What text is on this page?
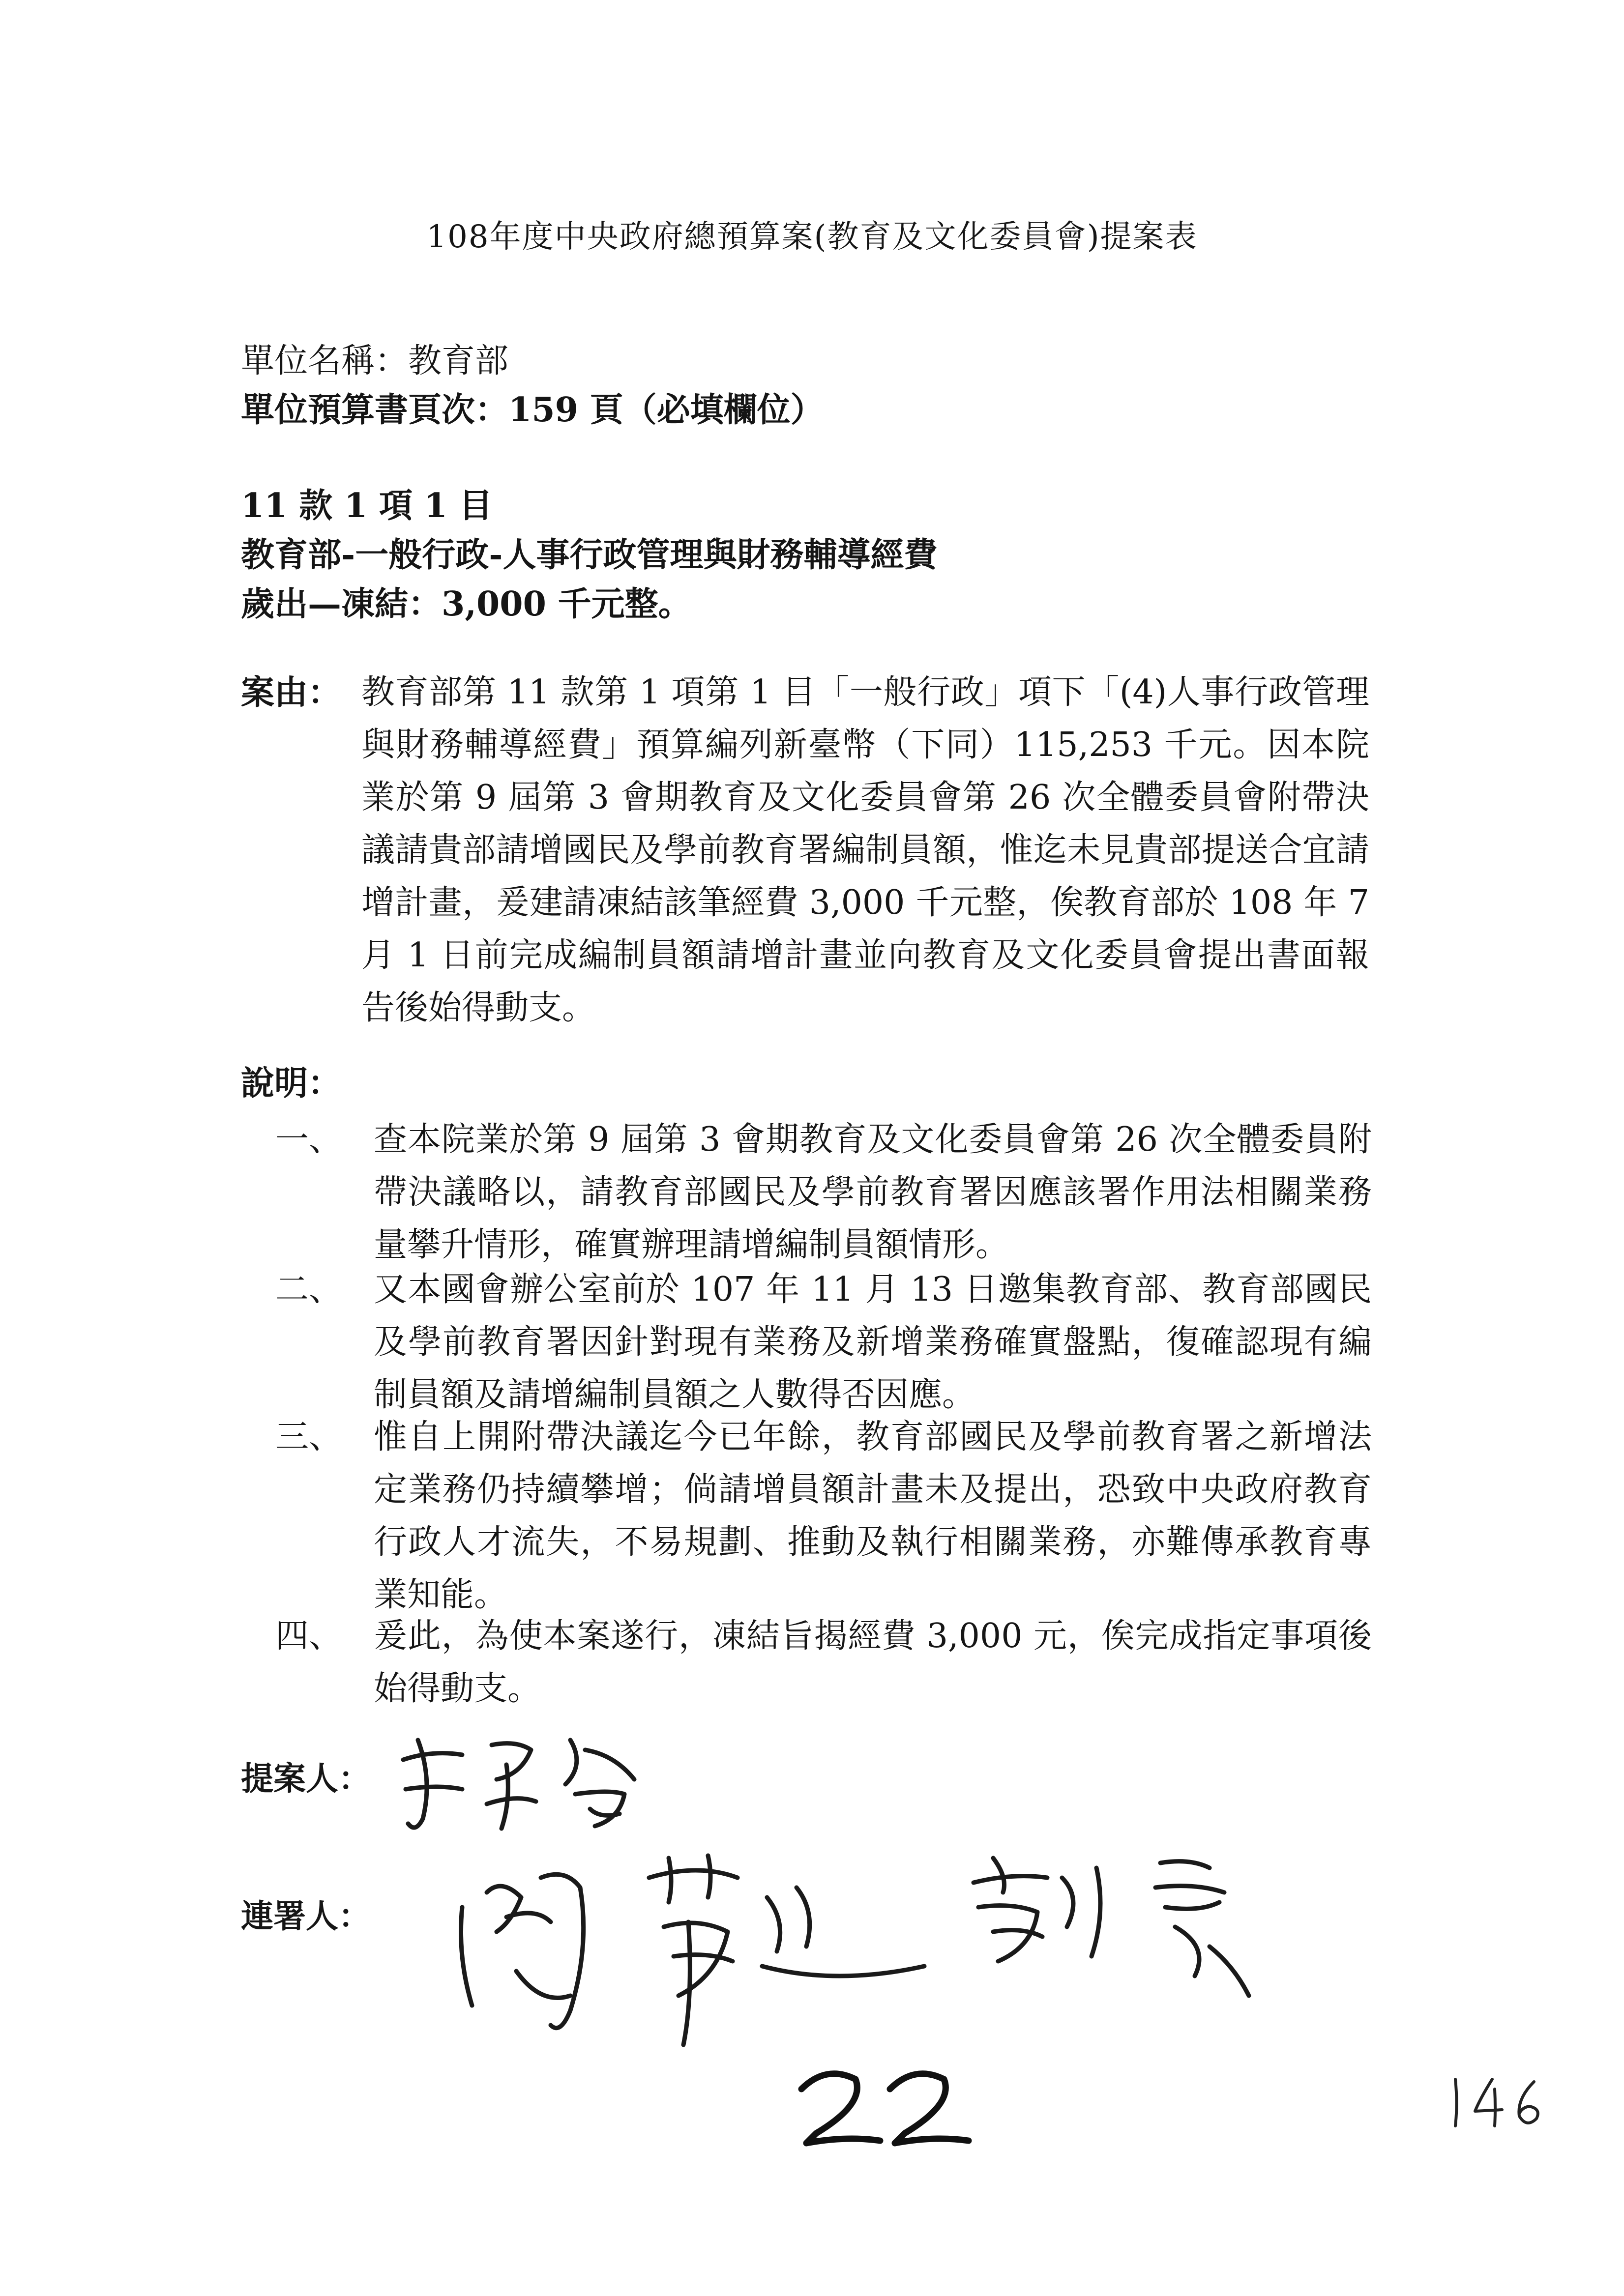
108年度中央政府總預算案(教育及文化委員會)提案表
單位名稱：教育部
單位預算書頁次：159 頁（必填欄位）
11 款 1 項 1 目
教育部-一般行政-人事行政管理與財務輔導經費
歲出—凍結：3,000 千元整。
案由： 教育部第 11 款第 1 項第 1 目「一般行政」項下「(4)人事行政管理與財務輔導經費」預算編列新臺幣（下同）115,253 千元。因本院業於第 9 屆第 3 會期教育及文化委員會第 26 次全體委員會附帶決議請貴部請增國民及學前教育署編制員額，惟迄未見貴部提送合宜請增計畫，爰建請凍結該筆經費 3,000 千元整，俟教育部於 108 年 7 月 1 日前完成編制員額請增計畫並向教育及文化委員會提出書面報告後始得動支。
說明：
一、 查本院業於第 9 屆第 3 會期教育及文化委員會第 26 次全體委員附帶決議略以，請教育部國民及學前教育署因應該署作用法相關業務量攀升情形，確實辦理請增編制員額情形。
二、 又本國會辦公室前於 107 年 11 月 13 日邀集教育部、教育部國民及學前教育署因針對現有業務及新增業務確實盤點，復確認現有編制員額及請增編制員額之人數得否因應。
三、 惟自上開附帶決議迄今已年餘，教育部國民及學前教育署之新增法定業務仍持續攀增；倘請增員額計畫未及提出，恐致中央政府教育行政人才流失，不易規劃、推動及執行相關業務，亦難傳承教育專業知能。
四、 爰此，為使本案遂行，凍結旨揭經費 3,000 元，俟完成指定事項後始得動支。
提案人：
連署人：
